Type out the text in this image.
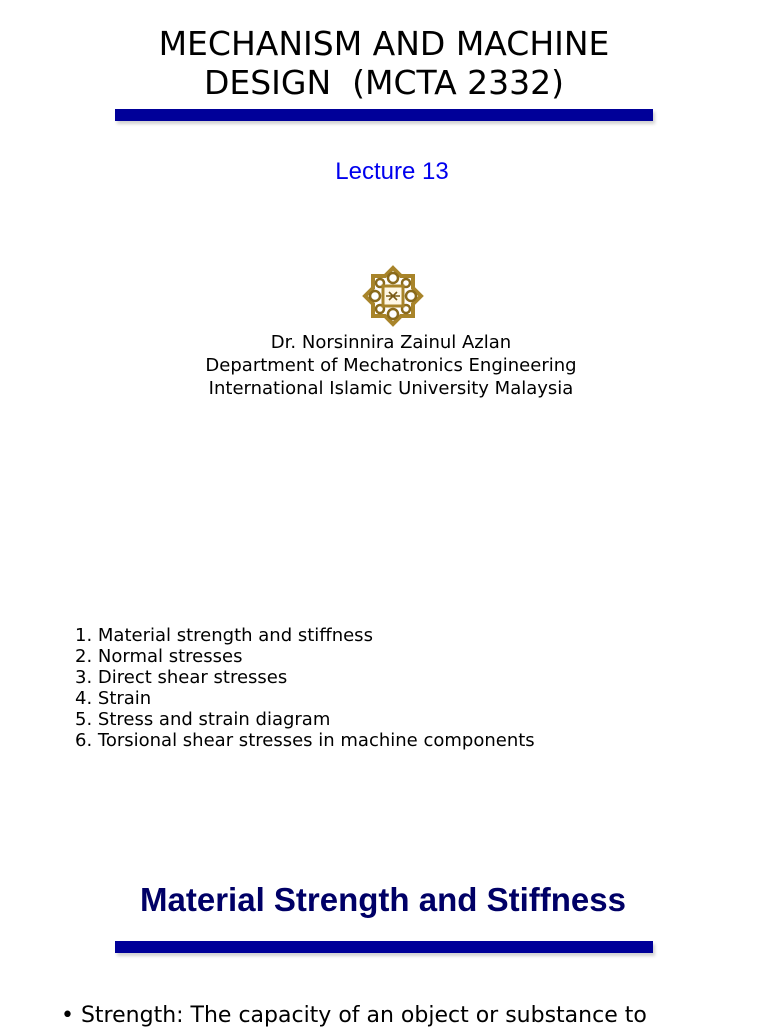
MECHANISM AND MACHINE
DESIGN  (MCTA 2332)
Lecture 13
Dr. Norsinnira Zainul Azlan
Department of Mechatronics Engineering
International Islamic University Malaysia
1. Material strength and stiffness
2. Normal stresses
3. Direct shear stresses
4. Strain
5. Stress and strain diagram
6. Torsional shear stresses in machine components
Material Strength and Stiffness
• Strength: The capacity of an object or substance to
